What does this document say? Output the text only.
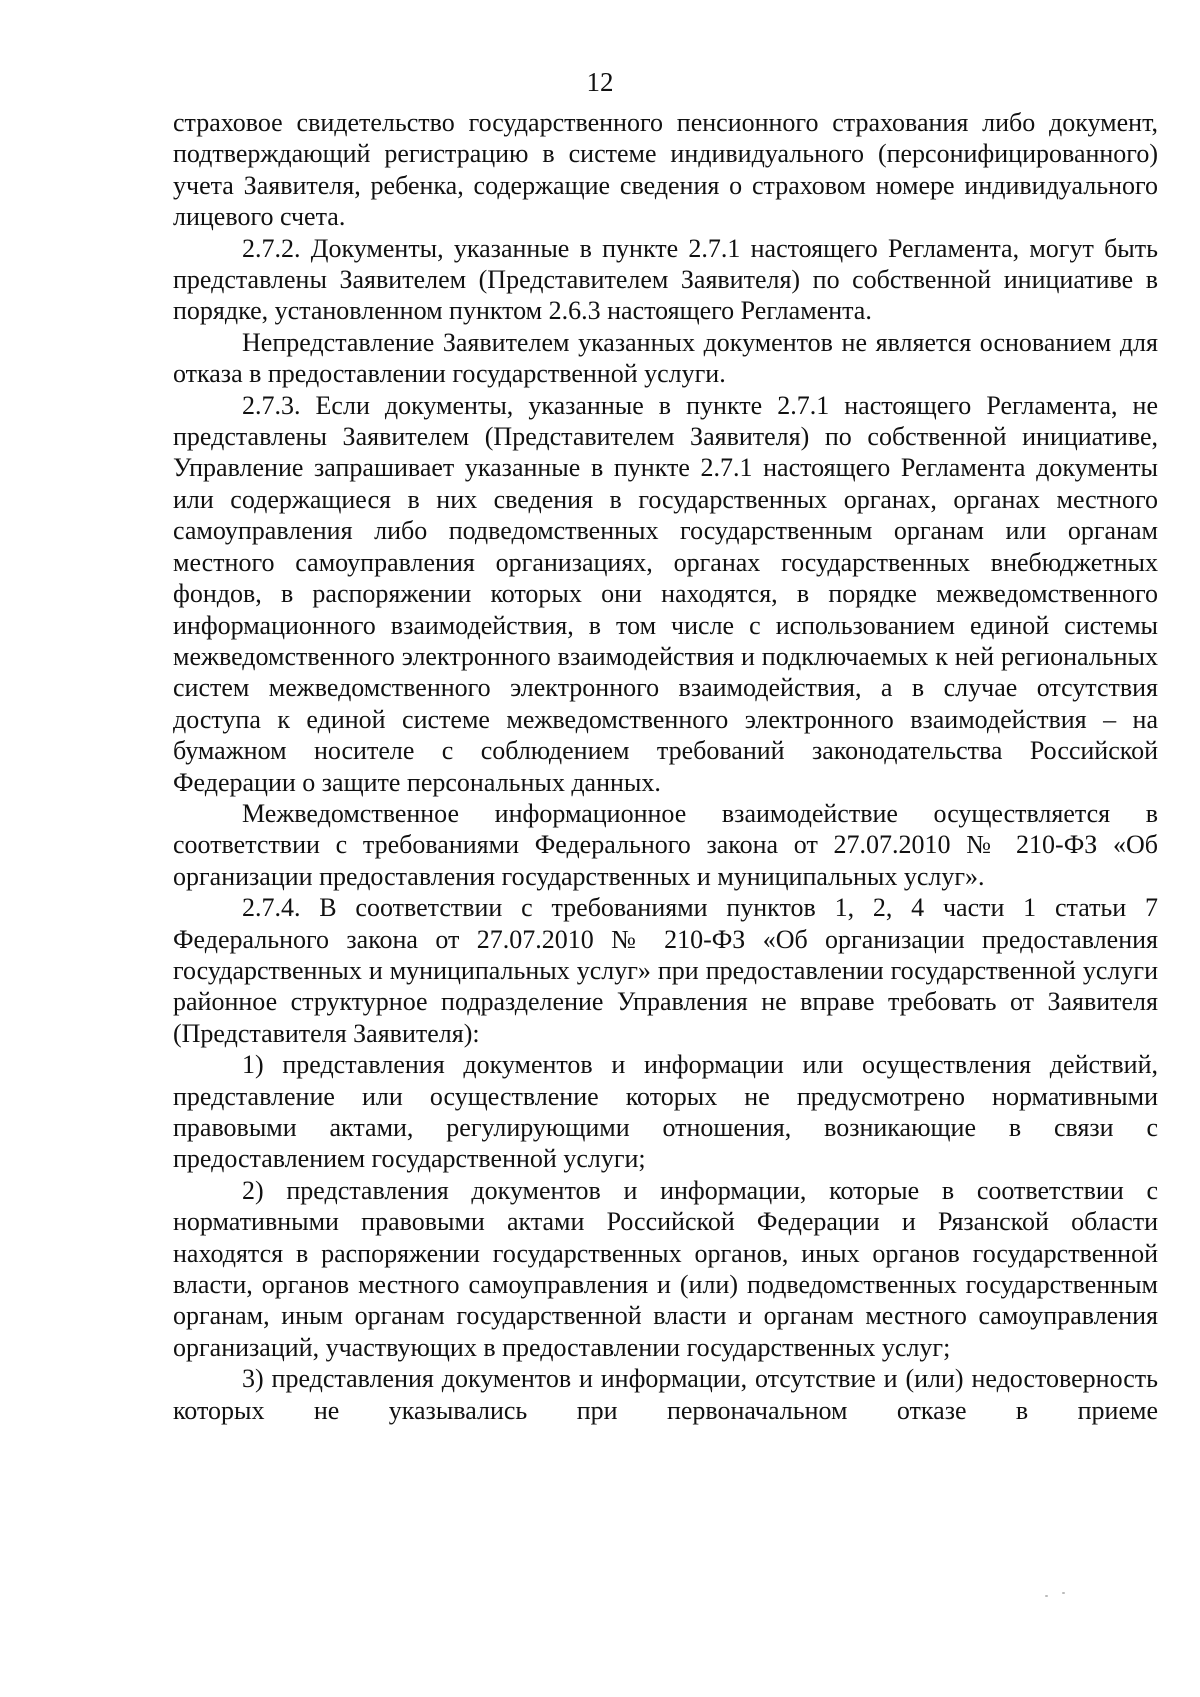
12

страховое свидетельство государственного пенсионного страхования либо документ, подтверждающий регистрацию в системе индивидуального (персонифицированного) учета Заявителя, ребенка, содержащие сведения о страховом номере индивидуального лицевого счета.

2.7.2. Документы, указанные в пункте 2.7.1 настоящего Регламента, могут быть представлены Заявителем (Представителем Заявителя) по собственной инициативе в порядке, установленном пунктом 2.6.3 настоящего Регламента.

Непредставление Заявителем указанных документов не является основанием для отказа в предоставлении государственной услуги.

2.7.3. Если документы, указанные в пункте 2.7.1 настоящего Регламента, не представлены Заявителем (Представителем Заявителя) по собственной инициативе, Управление запрашивает указанные в пункте 2.7.1 настоящего Регламента документы или содержащиеся в них сведения в государственных органах, органах местного самоуправления либо подведомственных государственным органам или органам местного самоуправления организациях, органах государственных внебюджетных фондов, в распоряжении которых они находятся, в порядке межведомственного информационного взаимодействия, в том числе с использованием единой системы межведомственного электронного взаимодействия и подключаемых к ней региональных систем межведомственного электронного взаимодействия, а в случае отсутствия доступа к единой системе межведомственного электронного взаимодействия – на бумажном носителе с соблюдением требований законодательства Российской Федерации о защите персональных данных.

Межведомственное информационное взаимодействие осуществляется в соответствии с требованиями Федерального закона от 27.07.2010 № 210-ФЗ «Об организации предоставления государственных и муниципальных услуг».

2.7.4. В соответствии с требованиями пунктов 1, 2, 4 части 1 статьи 7 Федерального закона от 27.07.2010 № 210-ФЗ «Об организации предоставления государственных и муниципальных услуг» при предоставлении государственной услуги районное структурное подразделение Управления не вправе требовать от Заявителя (Представителя Заявителя):

1) представления документов и информации или осуществления действий, представление или осуществление которых не предусмотрено нормативными правовыми актами, регулирующими отношения, возникающие в связи с предоставлением государственной услуги;

2) представления документов и информации, которые в соответствии с нормативными правовыми актами Российской Федерации и Рязанской области находятся в распоряжении государственных органов, иных органов государственной власти, органов местного самоуправления и (или) подведомственных государственным органам, иным органам государственной власти и органам местного самоуправления организаций, участвующих в предоставлении государственных услуг;

3) представления документов и информации, отсутствие и (или) недостоверность которых не указывались при первоначальном отказе в приеме
